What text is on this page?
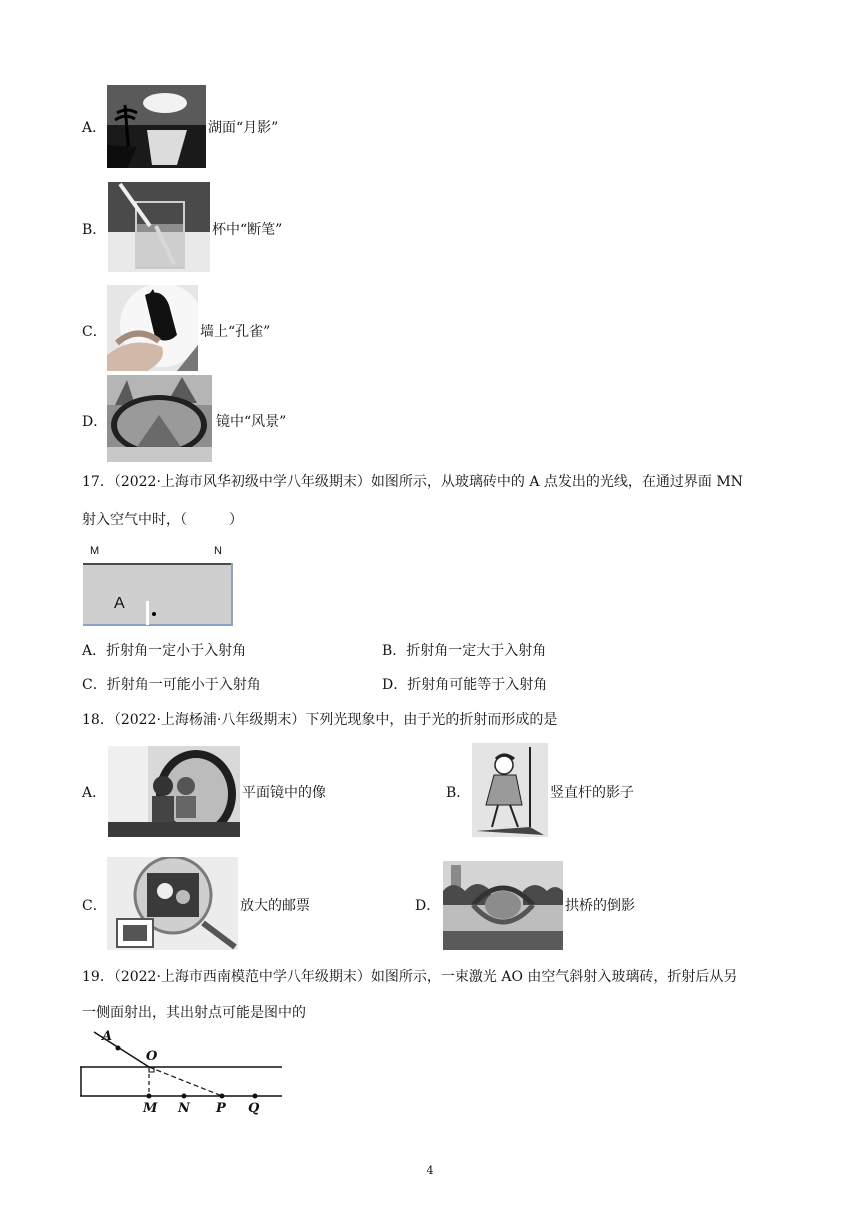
A．	湖面“月影”
B．	杯中“断笔”
C．	墙上“孔雀”
D．	镜中“风景”
17．（2022·上海市风华初级中学八年级期末）如图所示，从玻璃砖中的 A 点发出的光线，在通过界面 MN
射入空气中时，（　　　）
M	N
A
A．折射角一定小于入射角	B．折射角一定大于入射角
C．折射角一可能小于入射角	D．折射角可能等于入射角
18．（2022·上海杨浦·八年级期末）下列光现象中，由于光的折射而形成的是
A．	平面镜中的像	B．	竖直杆的影子
C．	放大的邮票	D．	拱桥的倒影
19．（2022·上海市西南模范中学八年级期末）如图所示，一束激光 AO 由空气斜射入玻璃砖，折射后从另
一侧面射出，其出射点可能是图中的
A
O
M N P Q
4
